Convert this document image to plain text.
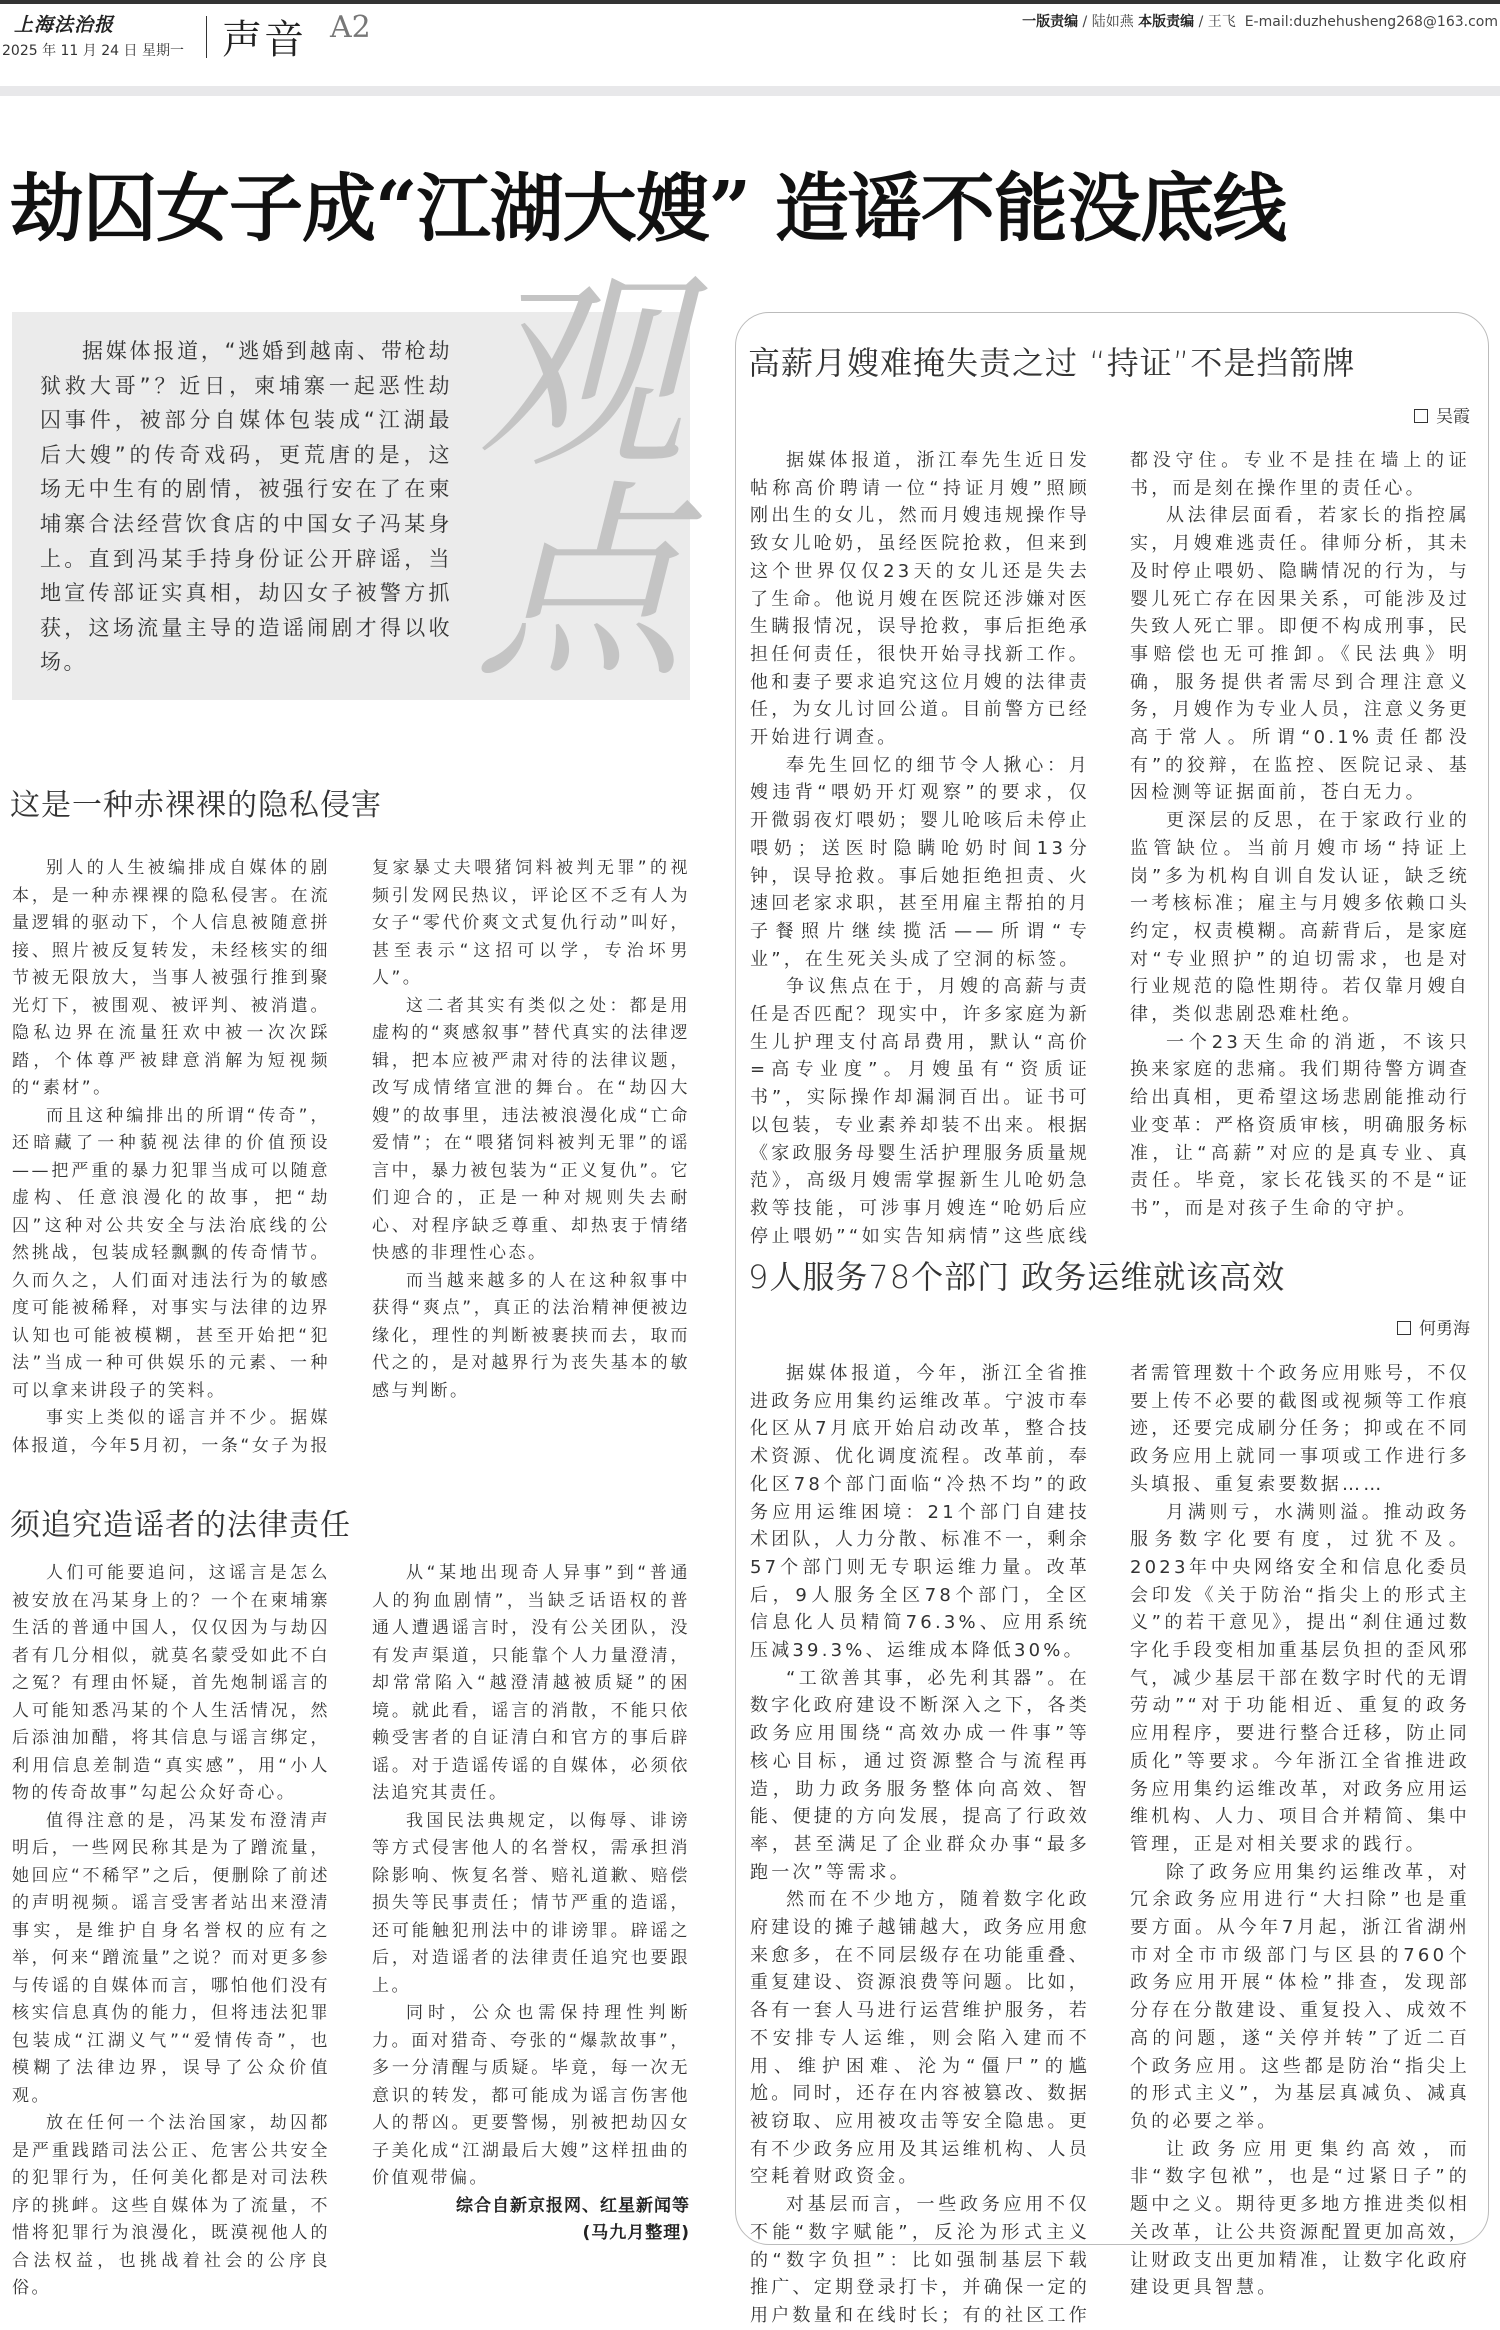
上海法治报
2025 年 11 月 24 日 星期一 声音 A2	一版责编 / 陆如燕 本版责编 / 王飞 E-mail:duzhehusheng268@163.com
劫囚女子成“江湖大嫂” 造谣不能没底线

据媒体报道，“逃婚到越南、带枪劫狱救大哥”？近日，柬埔寨一起恶性劫囚事件，被部分自媒体包装成“江湖最后大嫂”的传奇戏码，更荒唐的是，这场无中生有的剧情，被强行安在了在柬埔寨合法经营饮食店的中国女子冯某身上。直到冯某手持身份证公开辟谣，当地宣传部证实真相，劫囚女子被警方抓获，这场流量主导的造谣闹剧才得以收场。

观点
这是一种赤裸裸的隐私侵害

别人的人生被编排成自媒体的剧本，是一种赤裸裸的隐私侵害。在流量逻辑的驱动下，个人信息被随意拼接、照片被反复转发，未经核实的细节被无限放大，当事人被强行推到聚光灯下，被围观、被评判、被消遣。隐私边界在流量狂欢中被一次次踩踏，个体尊严被肆意消解为短视频的“素材”。

而且这种编排出的所谓“传奇”，还暗藏了一种藐视法律的价值预设——把严重的暴力犯罪当成可以随意虚构、任意浪漫化的故事，把“劫囚”这种对公共安全与法治底线的公然挑战，包装成轻飘飘的传奇情节。久而久之，人们面对违法行为的敏感度可能被稀释，对事实与法律的边界认知也可能被模糊，甚至开始把“犯法”当成一种可供娱乐的元素、一种可以拿来讲段子的笑料。

事实上类似的谣言并不少。据媒体报道，今年5月初，一条“女子为报复家暴丈夫喂猪饲料被判无罪”的视频引发网民热议，评论区不乏有人为女子“零代价爽文式复仇行动”叫好，甚至表示“这招可以学，专治坏男人”。

这二者其实有类似之处：都是用虚构的“爽感叙事”替代真实的法律逻辑，把本应被严肃对待的法律议题，改写成情绪宣泄的舞台。在“劫囚大嫂”的故事里，违法被浪漫化成“亡命爱情”；在“喂猪饲料被判无罪”的谣言中，暴力被包装为“正义复仇”。它们迎合的，正是一种对规则失去耐心、对程序缺乏尊重、却热衷于情绪快感的非理性心态。

而当越来越多的人在这种叙事中获得“爽点”，真正的法治精神便被边缘化，理性的判断被裹挟而去，取而代之的，是对越界行为丧失基本的敏感与判断。

须追究造谣者的法律责任

人们可能要追问，这谣言是怎么被安放在冯某身上的？一个在柬埔寨生活的普通中国人，仅仅因为与劫囚者有几分相似，就莫名蒙受如此不白之冤？有理由怀疑，首先炮制谣言的人可能知悉冯某的个人生活情况，然后添油加醋，将其信息与谣言绑定，利用信息差制造“真实感”，用“小人物的传奇故事”勾起公众好奇心。

值得注意的是，冯某发布澄清声明后，一些网民称其是为了蹭流量，她回应“不稀罕”之后，便删除了前述的声明视频。谣言受害者站出来澄清事实，是维护自身名誉权的应有之举，何来“蹭流量”之说？而对更多参与传谣的自媒体而言，哪怕他们没有核实信息真伪的能力，但将违法犯罪包装成“江湖义气”“爱情传奇”，也模糊了法律边界，误导了公众价值观。

放在任何一个法治国家，劫囚都是严重践踏司法公正、危害公共安全的犯罪行为，任何美化都是对司法秩序的挑衅。这些自媒体为了流量，不惜将犯罪行为浪漫化，既漠视他人的合法权益，也挑战着社会的公序良俗。

从“某地出现奇人异事”到“普通人的狗血剧情”，当缺乏话语权的普通人遭遇谣言时，没有公关团队，没有发声渠道，只能靠个人力量澄清，却常常陷入“越澄清越被质疑”的困境。就此看，谣言的消散，不能只依赖受害者的自证清白和官方的事后辟谣。对于造谣传谣的自媒体，必须依法追究其责任。

我国民法典规定，以侮辱、诽谤等方式侵害他人的名誉权，需承担消除影响、恢复名誉、赔礼道歉、赔偿损失等民事责任；情节严重的造谣，还可能触犯刑法中的诽谤罪。辟谣之后，对造谣者的法律责任追究也要跟上。

同时，公众也需保持理性判断力。面对猎奇、夸张的“爆款故事”，多一分清醒与质疑。毕竟，每一次无意识的转发，都可能成为谣言伤害他人的帮凶。更要警惕，别被把劫囚女子美化成“江湖最后大嫂”这样扭曲的价值观带偏。

综合自新京报网、红星新闻等

(马九月整理)

高薪月嫂难掩失责之过 “持证”不是挡箭牌
吴霞

据媒体报道，浙江奉先生近日发帖称高价聘请一位“持证月嫂”照顾刚出生的女儿，然而月嫂违规操作导致女儿呛奶，虽经医院抢救，但来到这个世界仅仅23天的女儿还是失去了生命。他说月嫂在医院还涉嫌对医生瞒报情况，误导抢救，事后拒绝承担任何责任，很快开始寻找新工作。他和妻子要求追究这位月嫂的法律责任，为女儿讨回公道。目前警方已经开始进行调查。

奉先生回忆的细节令人揪心：月嫂违背“喂奶开灯观察”的要求，仅开微弱夜灯喂奶；婴儿呛咳后未停止喂奶；送医时隐瞒呛奶时间13分钟，误导抢救。事后她拒绝担责、火速回老家求职，甚至用雇主帮拍的月子餐照片继续揽活——所谓“专业”，在生死关头成了空洞的标签。

争议焦点在于，月嫂的高薪与责任是否匹配？现实中，许多家庭为新生儿护理支付高昂费用，默认“高价=高专业度”。月嫂虽有“资质证书”，实际操作却漏洞百出。证书可以包装，专业素养却装不出来。根据《家政服务母婴生活护理服务质量规范》，高级月嫂需掌握新生儿呛奶急救等技能，可涉事月嫂连“呛奶后应停止喂奶”“如实告知病情”这些底线都没守住。专业不是挂在墙上的证书，而是刻在操作里的责任心。

从法律层面看，若家长的指控属实，月嫂难逃责任。律师分析，其未及时停止喂奶、隐瞒情况的行为，与婴儿死亡存在因果关系，可能涉及过失致人死亡罪。即便不构成刑事，民事赔偿也无可推卸。《民法典》明确，服务提供者需尽到合理注意义务，月嫂作为专业人员，注意义务更高于常人。所谓“0.1%责任都没有”的狡辩，在监控、医院记录、基因检测等证据面前，苍白无力。

更深层的反思，在于家政行业的监管缺位。当前月嫂市场“持证上岗”多为机构自训自发认证，缺乏统一考核标准；雇主与月嫂多依赖口头约定，权责模糊。高薪背后，是家庭对“专业照护”的迫切需求，也是对行业规范的隐性期待。若仅靠月嫂自律，类似悲剧恐难杜绝。

一个23天生命的消逝，不该只换来家庭的悲痛。我们期待警方调查给出真相，更希望这场悲剧能推动行业变革：严格资质审核，明确服务标准，让“高薪”对应的是真专业、真责任。毕竟，家长花钱买的不是“证书”，而是对孩子生命的守护。

9人服务78个部门 政务运维就该高效
何勇海

据媒体报道，今年，浙江全省推进政务应用集约运维改革。宁波市奉化区从7月底开始启动改革，整合技术资源、优化调度流程。改革前，奉化区78个部门面临“冷热不均”的政务应用运维困境：21个部门自建技术团队，人力分散、标准不一，剩余57个部门则无专职运维力量。改革后，9人服务全区78个部门，全区信息化人员精简76.3%、应用系统压减39.3%、运维成本降低30%。

“工欲善其事，必先利其器”。在数字化政府建设不断深入之下，各类政务应用围绕“高效办成一件事”等核心目标，通过资源整合与流程再造，助力政务服务整体向高效、智能、便捷的方向发展，提高了行政效率，甚至满足了企业群众办事“最多跑一次”等需求。

然而在不少地方，随着数字化政府建设的摊子越铺越大，政务应用愈来愈多，在不同层级存在功能重叠、重复建设、资源浪费等问题。比如，各有一套人马进行运营维护服务，若不安排专人运维，则会陷入建而不用、维护困难、沦为“僵尸”的尴尬。同时，还存在内容被篡改、数据被窃取、应用被攻击等安全隐患。更有不少政务应用及其运维机构、人员空耗着财政资金。

对基层而言，一些政务应用不仅不能“数字赋能”，反沦为形式主义的“数字负担”：比如强制基层下载推广、定期登录打卡，并确保一定的用户数量和在线时长；有的社区工作者需管理数十个政务应用账号，不仅要上传不必要的截图或视频等工作痕迹，还要完成刷分任务；抑或在不同政务应用上就同一事项或工作进行多头填报、重复索要数据……

月满则亏，水满则溢。推动政务服务数字化要有度，过犹不及。2023年中央网络安全和信息化委员会印发《关于防治“指尖上的形式主义”的若干意见》，提出“刹住通过数字化手段变相加重基层负担的歪风邪气，减少基层干部在数字时代的无谓劳动”“对于功能相近、重复的政务应用程序，要进行整合迁移，防止同质化”等要求。今年浙江全省推进政务应用集约运维改革，对政务应用运维机构、人力、项目合并精简、集中管理，正是对相关要求的践行。

除了政务应用集约运维改革，对冗余政务应用进行“大扫除”也是重要方面。从今年7月起，浙江省湖州市对全市市级部门与区县的760个政务应用开展“体检”排查，发现部分存在分散建设、重复投入、成效不高的问题，遂“关停并转”了近二百个政务应用。这些都是防治“指尖上的形式主义”，为基层真减负、减真负的必要之举。

让政务应用更集约高效，而非“数字包袱”，也是“过紧日子”的题中之义。期待更多地方推进类似相关改革，让公共资源配置更加高效，让财政支出更加精准，让数字化政府建设更具智慧。
